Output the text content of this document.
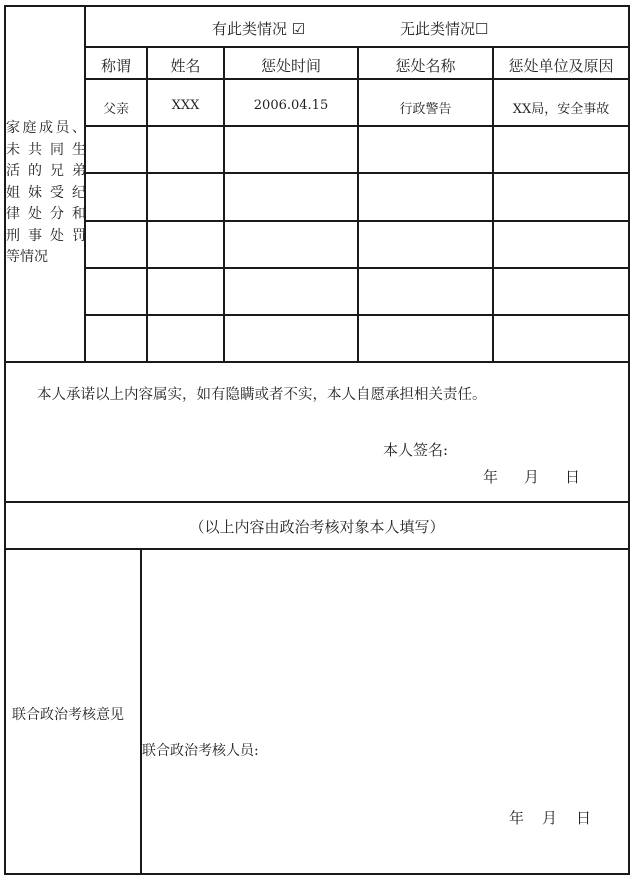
家庭成员、
未共同生
活的兄弟
姐妹受纪
律处分和
刑事处罚
等情况
有此类情况 ☑	无此类情况☐
称谓	姓名	惩处时间	惩处名称	惩处单位及原因
父亲	XXX	2006.04.15	行政警告	XX局，安全事故
本人承诺以上内容属实，如有隐瞒或者不实，本人自愿承担相关责任。
本人签名:
年 月 日
（以上内容由政治考核对象本人填写）
联合政治考核意见
联合政治考核人员:
年 月 日
